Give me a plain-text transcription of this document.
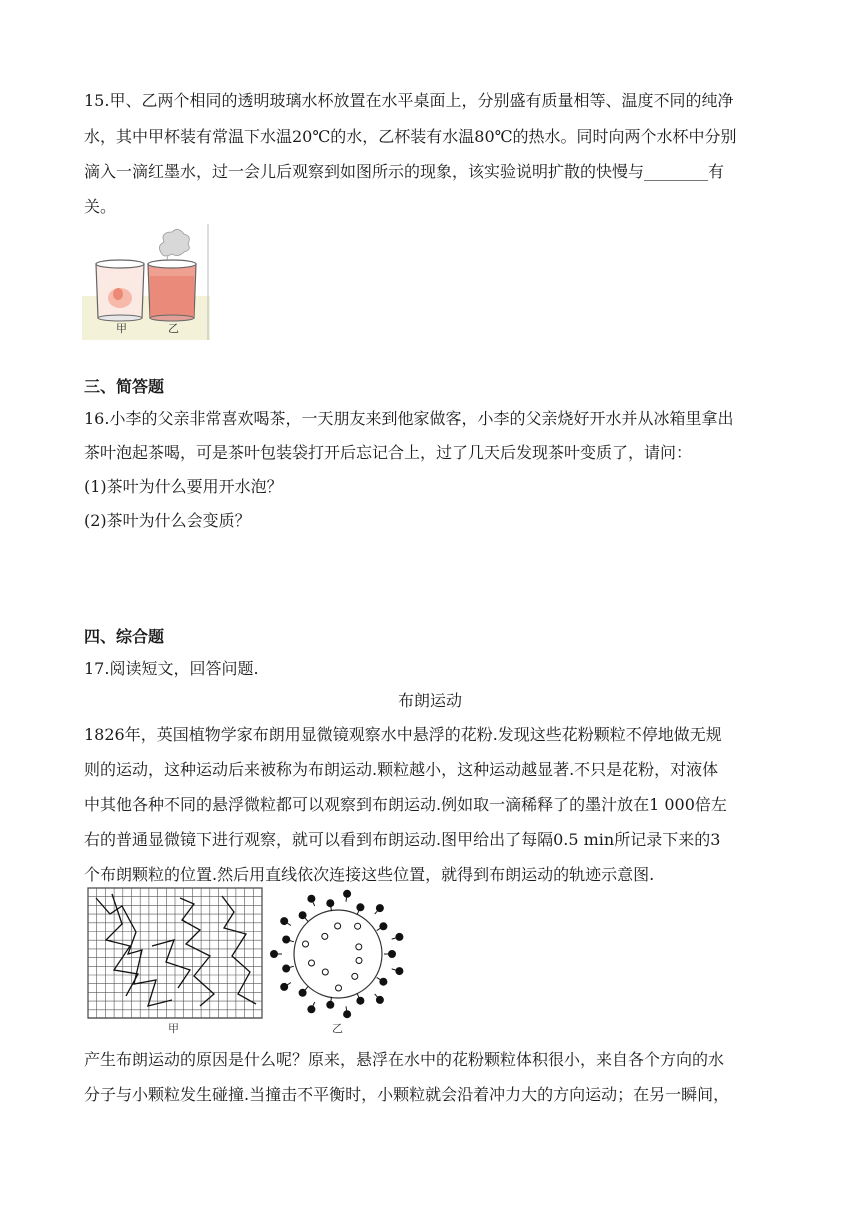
15.甲、乙两个相同的透明玻璃水杯放置在水平桌面上，分别盛有质量相等、温度不同的纯净
水，其中甲杯装有常温下水温20℃的水，乙杯装有水温80℃的热水。同时向两个水杯中分别
滴入一滴红墨水，过一会儿后观察到如图所示的现象，该实验说明扩散的快慢与________有
关。
甲	乙
三、简答题
16.小李的父亲非常喜欢喝茶，一天朋友来到他家做客，小李的父亲烧好开水并从冰箱里拿出
茶叶泡起茶喝，可是茶叶包装袋打开后忘记合上，过了几天后发现茶叶变质了，请问：
(1)茶叶为什么要用开水泡？
(2)茶叶为什么会变质？
四、综合题
17.阅读短文，回答问题.
布朗运动
1826年，英国植物学家布朗用显微镜观察水中悬浮的花粉.发现这些花粉颗粒不停地做无规
则的运动，这种运动后来被称为布朗运动.颗粒越小，这种运动越显著.不只是花粉，对液体
中其他各种不同的悬浮微粒都可以观察到布朗运动.例如取一滴稀释了的墨汁放在1 000倍左
右的普通显微镜下进行观察，就可以看到布朗运动.图甲给出了每隔0.5 min所记录下来的3
个布朗颗粒的位置.然后用直线依次连接这些位置，就得到布朗运动的轨迹示意图.
甲	乙
产生布朗运动的原因是什么呢？原来，悬浮在水中的花粉颗粒体积很小，来自各个方向的水
分子与小颗粒发生碰撞.当撞击不平衡时，小颗粒就会沿着冲力大的方向运动；在另一瞬间，
